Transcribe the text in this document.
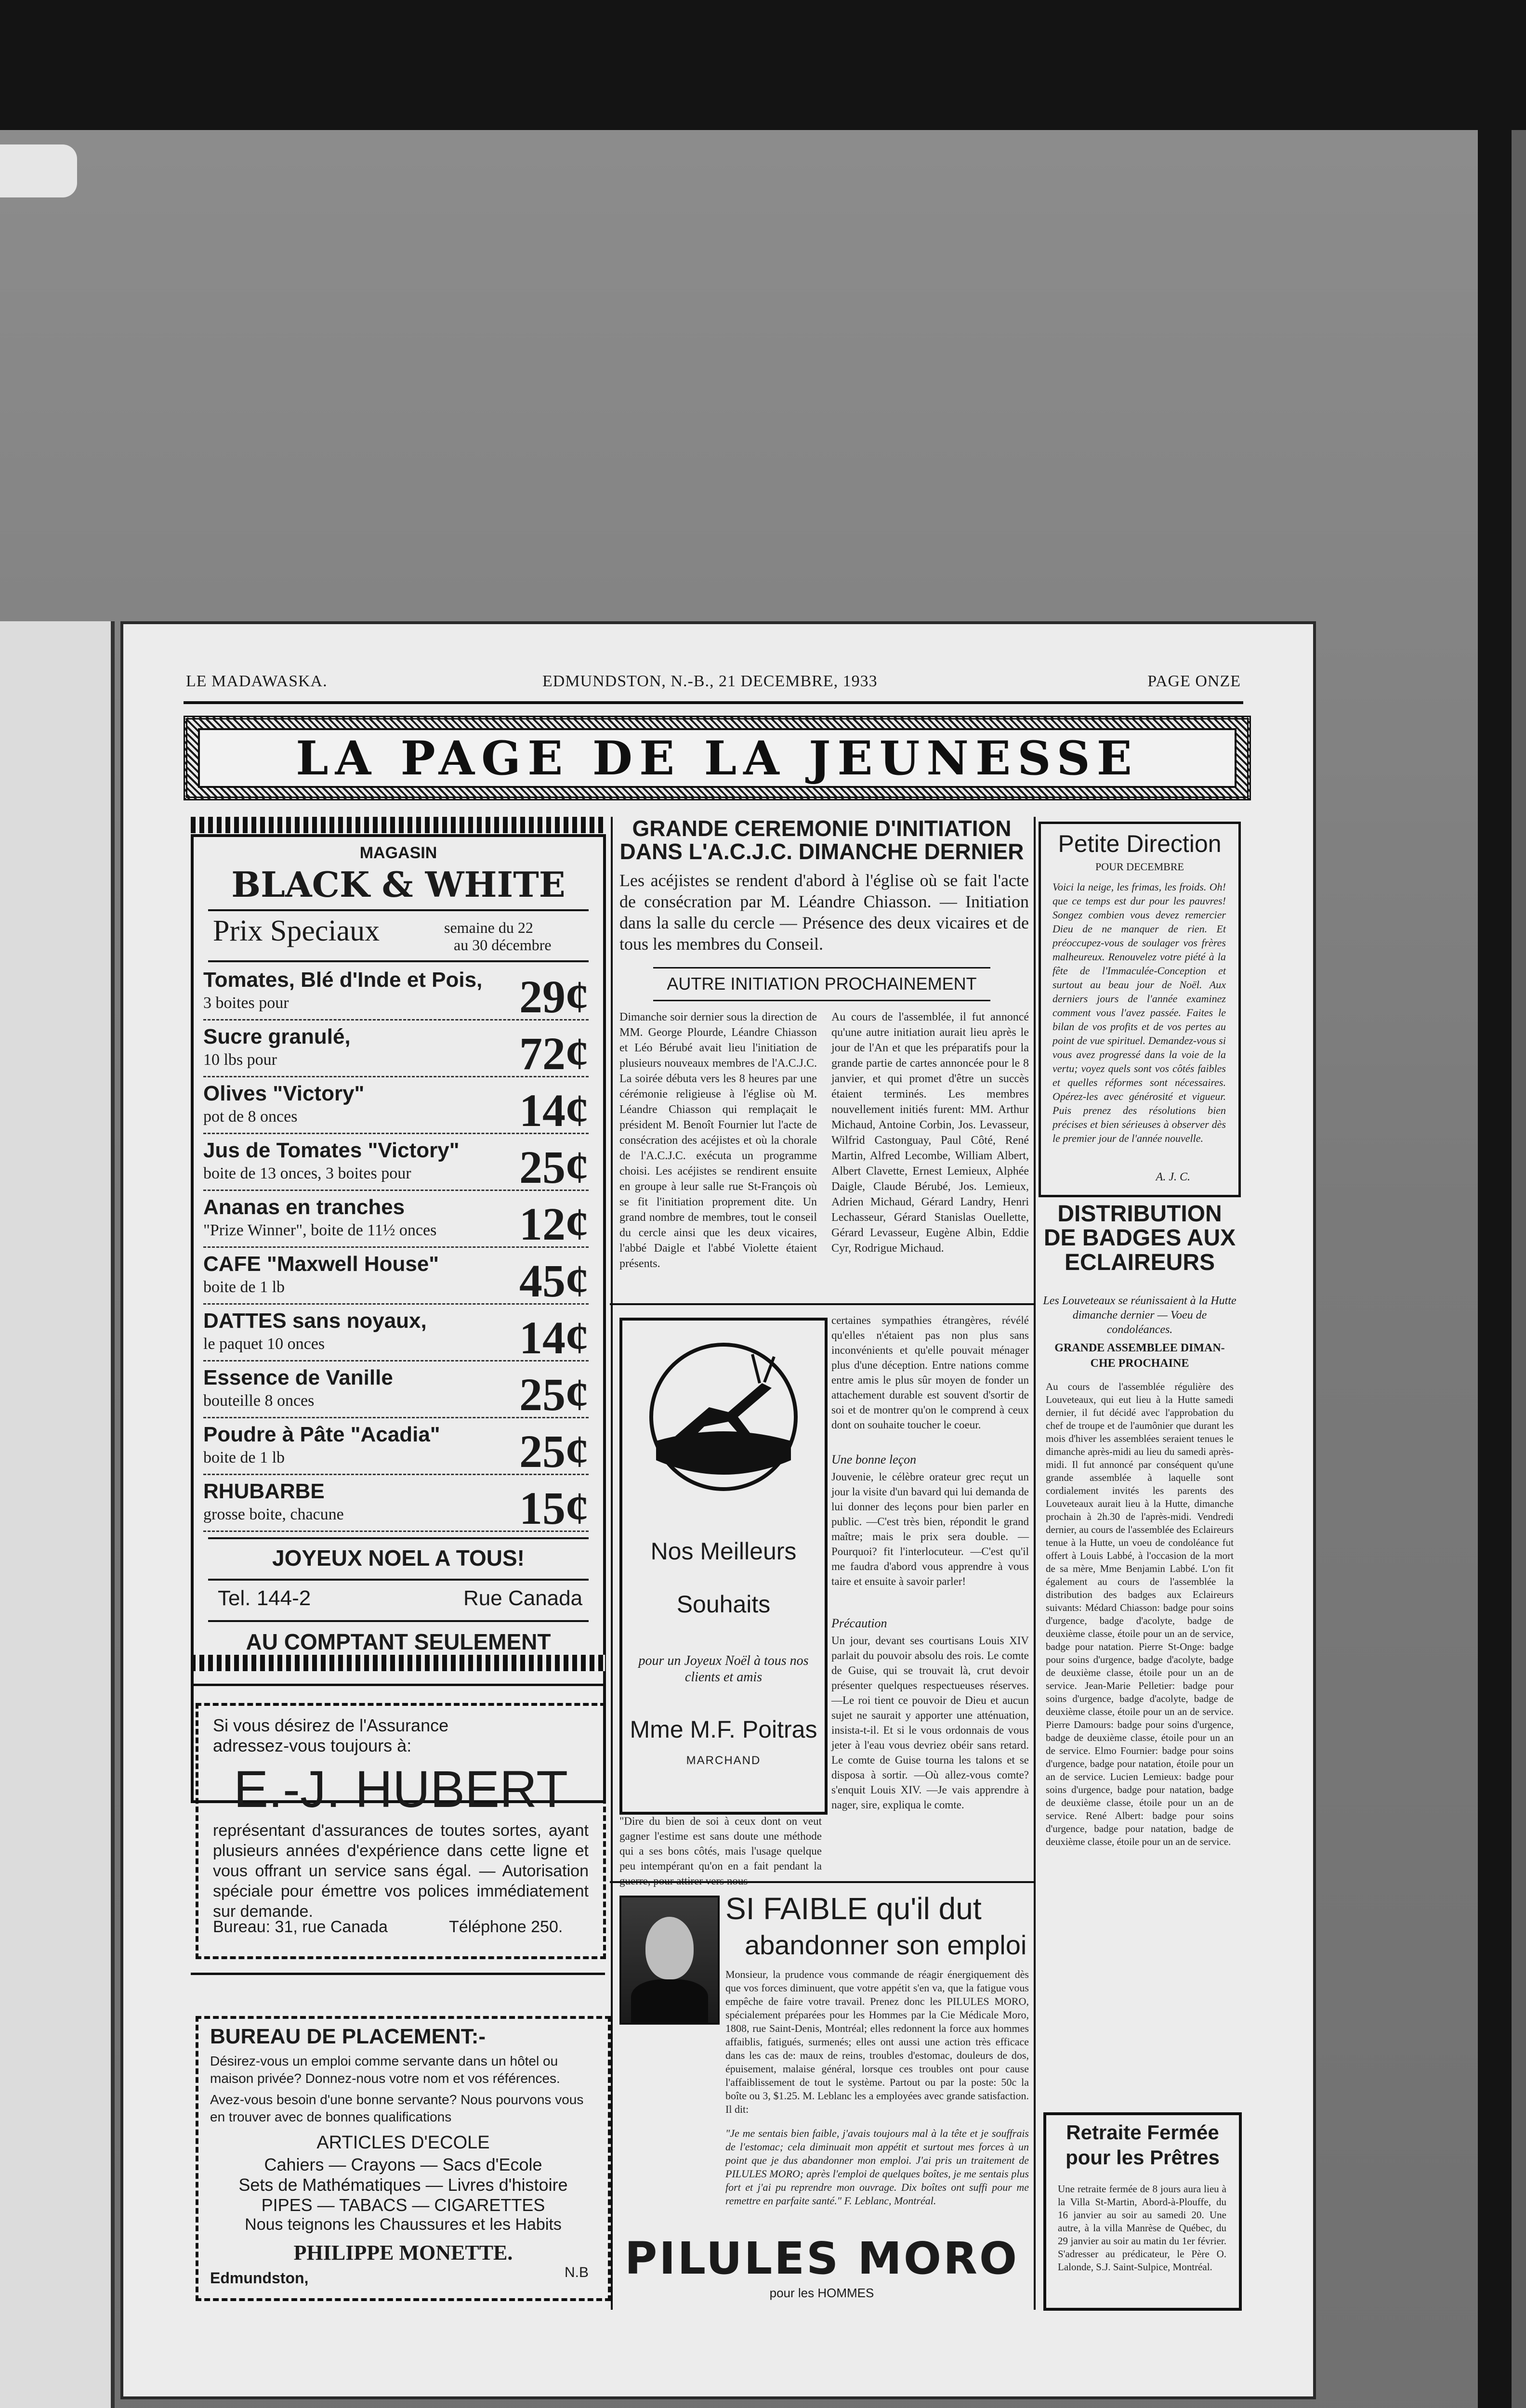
LE MADAWASKA.	EDMUNDSTON, N.-B., 21 DECEMBRE, 1933	PAGE ONZE
LA PAGE DE LA JEUNESSE
MAGASIN
BLACK & WHITE
Prix Speciaux	semaine du 22
au 30 décembre
Tomates, Blé d'Inde et Pois,
3 boites pour	29¢
Sucre granulé,
10 lbs pour	72¢
Olives "Victory"
pot de 8 onces	14¢
Jus de Tomates "Victory"
boite de 13 onces, 3 boites pour 25¢
Ananas en tranches
"Prize Winner", boite de 11½ onces 12¢
CAFE "Maxwell House"
boite de 1 lb	45¢
DATTES sans noyaux,
le paquet 10 onces	14¢
Essence de Vanille
bouteille 8 onces	25¢
Poudre à Pâte "Acadia"
boite de 1 lb	25¢
RHUBARBE
grosse boite, chacune	15¢
JOYEUX NOEL A TOUS!
Tel. 144-2	Rue Canada
AU COMPTANT SEULEMENT
Si vous désirez de l'Assurance
adressez-vous toujours à:
E.-J. HUBERT
représentant d'assurances de toutes sortes, ayant plusieurs années d'expérience dans cette ligne et vous offrant un service sans égal. — Autorisation spéciale pour émettre vos polices immédiatement sur demande.
Bureau: 31, rue Canada	Téléphone 250.
BUREAU DE PLACEMENT:-
Désirez-vous un emploi comme servante dans un hôtel ou maison privée? Donnez-nous votre nom et vos références.
Avez-vous besoin d'une bonne servante? Nous pourvons vous en trouver avec de bonnes qualifications
ARTICLES D'ECOLE
Cahiers — Crayons — Sacs d'Ecole
Sets de Mathématiques — Livres d'histoire
PIPES — TABACS — CIGARETTES
Nous teignons les Chaussures et les Habits
PHILIPPE MONETTE.
Edmundston,	N.B
GRANDE CEREMONIE D'INITIATION
DANS L'A.C.J.C. DIMANCHE DERNIER
Les acéjistes se rendent d'abord à l'église où se fait l'acte de consécration par M. Léandre Chiasson. — Initiation dans la salle du cercle — Présence des deux vicaires et de tous les membres du Conseil.
AUTRE INITIATION PROCHAINEMENT
Dimanche soir dernier sous la direction de MM. George Plourde, Léandre Chiasson et Léo Bérubé avait lieu l'initiation de plusieurs nouveaux membres de l'A.C.J.C. La soirée débuta vers les 8 heures par une cérémonie religieuse à l'église où M. Léandre Chiasson qui remplaçait le président M. Benoît Fournier lut l'acte de consécration des acéjistes et où la chorale de l'A.C.J.C. exécuta un programme choisi. Les acéjistes se rendirent ensuite en groupe à leur salle rue St-François où se fit l'initiation proprement dite. Un grand nombre de membres, tout le conseil du cercle ainsi que les deux vicaires, l'abbé Daigle et l'abbé Violette étaient présents.
Au cours de l'assemblée, il fut annoncé qu'une autre initiation aurait lieu après le jour de l'An et que les préparatifs pour la grande partie de cartes annoncée pour le 8 janvier, et qui promet d'être un succès étaient terminés. Les membres nouvellement initiés furent: MM. Arthur Michaud, Antoine Corbin, Jos. Levasseur, Wilfrid Castonguay, Paul Côté, René Martin, Alfred Lecombe, William Albert, Albert Clavette, Ernest Lemieux, Alphée Daigle, Claude Bérubé, Jos. Lemieux, Adrien Michaud, Gérard Landry, Henri Lechasseur, Gérard Stanislas Ouellette, Gérard Levasseur, Eugène Albin, Eddie Cyr, Rodrigue Michaud.
Nos Meilleurs
Souhaits
pour un Joyeux Noël à tous nos clients et amis
Mme M.F. Poitras
MARCHAND
certaines sympathies étrangères, révélé qu'elles n'étaient pas non plus sans inconvénients et qu'elle pouvait ménager plus d'une déception. Entre nations comme entre amis le plus sûr moyen de fonder un attachement durable est souvent d'sortir de soi et de montrer qu'on le comprend à ceux dont on souhaite toucher le coeur.
Une bonne leçon
Jouvenie, le célèbre orateur grec reçut un jour la visite d'un bavard qui lui demanda de lui donner des leçons pour bien parler en public. —C'est très bien, répondit le grand maître; mais le prix sera double. —Pourquoi? fit l'interlocuteur. —C'est qu'il me faudra d'abord vous apprendre à vous taire et ensuite à savoir parler!
Précaution
Un jour, devant ses courtisans Louis XIV parlait du pouvoir absolu des rois. Le comte de Guise, qui se trouvait là, crut devoir présenter quelques respectueuses réserves. —Le roi tient ce pouvoir de Dieu et aucun sujet ne saurait y apporter une atténuation, insista-t-il. Et si le vous ordonnais de vous jeter à l'eau vous devriez obéir sans retard. Le comte de Guise tourna les talons et se disposa à sortir. —Où allez-vous comte? s'enquit Louis XIV. —Je vais apprendre à nager, sire, expliqua le comte.
"Dire du bien de soi à ceux dont on veut gagner l'estime est sans doute une méthode qui a ses bons côtés, mais l'usage quelque peu intempérant qu'on en a fait pendant la
SI FAIBLE qu'il dut
abandonner son emploi
Monsieur, la prudence vous commande de réagir énergiquement dès que vos forces diminuent, que votre appétit s'en va, que la fatigue vous empêche de faire votre travail. Prenez donc les PILULES MORO, spécialement préparées pour les Hommes par la Cie Médicale Moro, 1808, rue Saint-Denis, Montréal; elles redonnent la force aux hommes affaiblis, fatigués, surmenés; elles ont aussi une action très efficace dans les cas de: maux de reins, troubles d'estomac, douleurs de dos, épuisement, malaise général, lorsque ces troubles ont pour cause l'affaiblissement de tout le système. Partout ou par la poste: 50c la boîte ou 3, $1.25. M. Leblanc les a employées avec grande satisfaction. Il dit:
"Je me sentais bien faible, j'avais toujours mal à la tête et je souffrais de l'estomac; cela diminuait mon appétit et surtout mes forces à un point que je dus abandonner mon emploi. J'ai pris un traitement de PILULES MORO; après l'emploi de quelques boîtes, je me sentais plus fort et j'ai pu reprendre mon ouvrage. Dix boîtes ont suffi pour me remettre en parfaite santé." F. Leblanc, Montréal.
PILULES MORO
pour les HOMMES
Petite Direction
POUR DECEMBRE
Voici la neige, les frimas, les froids. Oh! que ce temps est dur pour les pauvres! Songez combien vous devez remercier Dieu de ne manquer de rien. Et préoccupez-vous de soulager vos frères malheureux. Renouvelez votre piété à la fête de l'Immaculée-Conception et surtout au beau jour de Noël. Aux derniers jours de l'année examinez comment vous l'avez passée. Faites le bilan de vos profits et de vos pertes au point de vue spirituel. Demandez-vous si vous avez progressé dans la voie de la vertu; voyez quels sont vos côtés faibles et quelles réformes sont nécessaires. Opérez-les avec générosité et vigueur. Puis prenez des résolutions bien précises et bien sérieuses à observer dès le premier jour de l'année nouvelle.
A. J. C.
DISTRIBUTION
DE BADGES AUX
ECLAIREURS
Les Louveteaux se réunissaient à la Hutte dimanche dernier — Voeu de condoléances.
GRANDE ASSEMBLEE DIMAN-
CHE PROCHAINE
Au cours de l'assemblée régulière des Louveteaux, qui eut lieu à la Hutte samedi dernier, il fut décidé avec l'approbation du chef de troupe et de l'aumônier que durant les mois d'hiver les assemblées seraient tenues le dimanche après-midi au lieu du samedi après-midi. Il fut annoncé par conséquent qu'une grande assemblée à laquelle sont cordialement invités les parents des Louveteaux aurait lieu à la Hutte, dimanche prochain à 2h.30 de l'après-midi. Vendredi dernier, au cours de l'assemblée des Eclaireurs tenue à la Hutte, un voeu de condoléance fut offert à Louis Labbé, à l'occasion de la mort de sa mère, Mme Benjamin Labbé. L'on fit également au cours de l'assemblée la distribution des badges aux Eclaireurs suivants: Médard Chiasson: badge pour soins d'urgence, badge d'acolyte, badge de deuxième classe, étoile pour un an de service, badge pour natation. Pierre St-Onge: badge pour soins d'urgence, badge d'acolyte, badge de deuxième classe, étoile pour un an de service. Jean-Marie Pelletier: badge pour soins d'urgence, badge d'acolyte, badge de deuxième classe, étoile pour un an de service. Pierre Damours: badge pour soins d'urgence, badge de deuxième classe, étoile pour un an de service. Elmo Fournier: badge pour soins d'urgence, badge pour natation, étoile pour un an de service. Lucien Lemieux: badge pour soins d'urgence, badge pour natation, badge de deuxième classe, étoile pour un an de service. René Albert: badge pour soins d'urgence, badge pour natation, badge de deuxième classe, étoile pour un an de service.
Retraite Fermée
pour les Prêtres
Une retraite fermée de 8 jours aura lieu à la Villa St-Martin, Abord-à-Plouffe, du 16 janvier au soir au samedi 20. Une autre, à la villa Manrèse de Québec, du 29 janvier au soir au matin du 1er février. S'adresser au prédicateur, le Père O. Lalonde, S.J. Saint-Sulpice, Montréal.
